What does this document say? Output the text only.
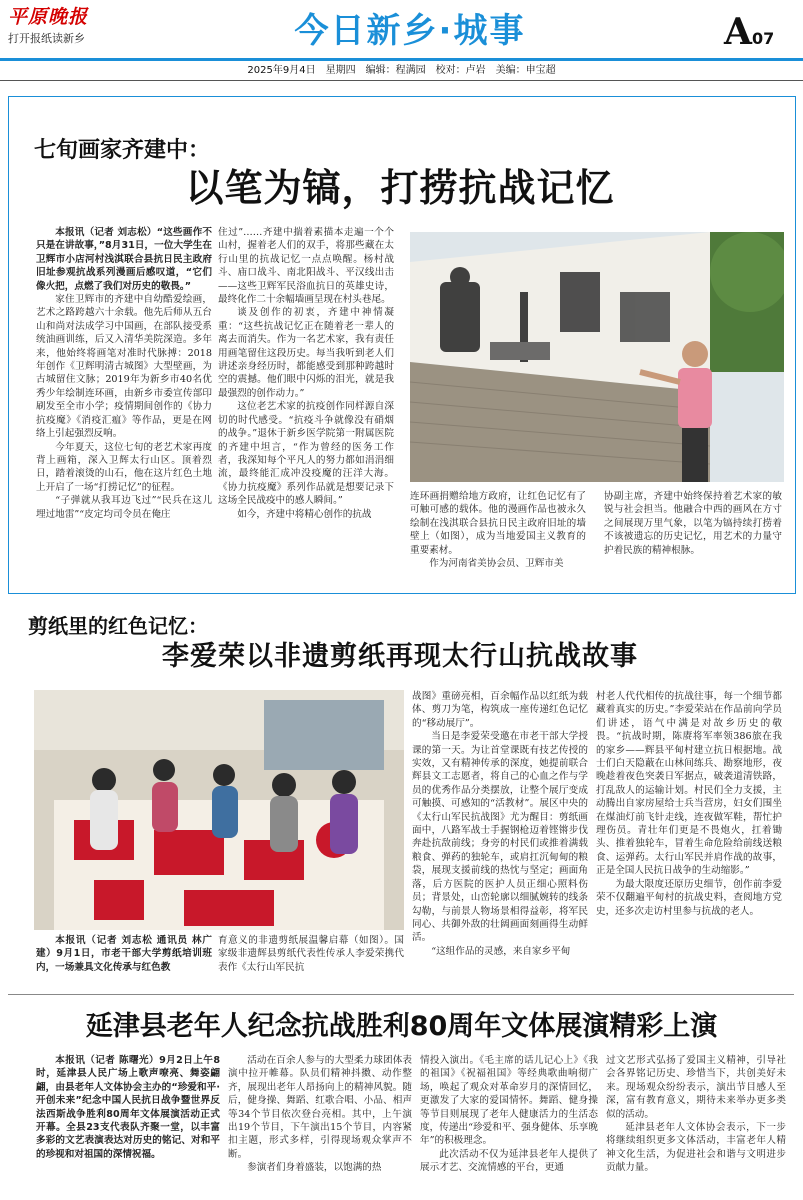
平原晚报
打开报纸读新乡	今日新乡·城事	A07
2025年9月4日　星期四　编辑：程满园　校对：卢岩　美编：申宝超
七旬画家齐建中：
以笔为镐，打捞抗战记忆

本报讯（记者 刘志松）“这些画作不只是在讲故事，”8月31日，一位大学生在卫辉市小店河村浅淇联合县抗日民主政府旧址参观抗战系列漫画后感叹道，“它们像火把，点燃了我们对历史的敬畏。”

家住卫辉市的齐建中自幼酷爱绘画，艺术之路跨越六十余载。他先后师从五台山和尚对法成学习中国画，在部队接受系统油画训练，后又入清华美院深造。多年来，他始终将画笔对准时代脉搏：2018年创作《卫辉明清古城图》大型壁画，为古城留住文脉；2019年为新乡市40名优秀少年绘制连环画，由新乡市委宣传部印刷发至全市小学；疫情期间创作的《协力抗疫魔》《消疫汇瘟》等作品，更是在网络上引起强烈反响。

今年夏天，这位七旬的老艺术家再度背上画箱，深入卫辉太行山区。顶着烈日，踏着滚烫的山石，他在这片红色土地上开启了一场“打捞记忆”的征程。

“子弹就从我耳边飞过”“民兵在这儿埋过地雷”“皮定均司令员在俺庄

住过”……齐建中揣着素描本走遍一个个山村，握着老人们的双手，将那些藏在太行山里的抗战记忆一点点唤醒。杨村战斗、庙口战斗、南北阳战斗、平汉线出击——这些卫辉军民浴血抗日的英雄史诗，最终化作二十余幅墙画呈现在村头巷尾。

谈及创作的初衷，齐建中神情凝重：“这些抗战记忆正在随着老一辈人的离去而消失。作为一名艺术家，我有责任用画笔留住这段历史。每当我听到老人们讲述亲身经历时，都能感受到那种跨越时空的震撼。他们眼中闪烁的泪光，就是我最强烈的创作动力。”

这位老艺术家的抗疫创作同样源自深切的时代感受。“抗疫斗争就像没有硝烟的战争。”退休于新乡医学院第一附属医院的齐建中坦言，“作为曾经的医务工作者，我深知每个平凡人的努力都如涓涓细流，最终能汇成冲没疫魔的汪洋大海。《协力抗疫魔》系列作品就是想要记录下这场全民战疫中的感人瞬间。”

如今，齐建中将精心创作的抗战

连环画捐赠给地方政府，让红色记忆有了可触可感的载体。他的漫画作品也被永久绘制在浅淇联合县抗日民主政府旧址的墙壁上（如图），成为当地爱国主义教育的重要素材。

作为河南省美协会员、卫辉市美

协副主席，齐建中始终保持着艺术家的敏锐与社会担当。他融合中西的画风在方寸之间展现万里气象，以笔为镐持续打捞着不该被遗忘的历史记忆，用艺术的力量守护着民族的精神根脉。

剪纸里的红色记忆：
李爱荣以非遗剪纸再现太行山抗战故事

本报讯（记者 刘志松 通讯员 林广建）9月1日，市老干部大学剪纸培训班内，一场兼具文化传承与红色教

育意义的非遗剪纸展温馨启幕（如图）。国家级非遗辉县剪纸代表性传承人李爱荣携代表作《太行山军民抗

战图》重磅亮相，百余幅作品以红纸为载体、剪刀为笔，构筑成一座传递红色记忆的“移动展厅”。

当日是李爱荣受邀在市老干部大学授课的第一天。为让首堂课既有技艺传授的实效，又有精神传承的深度，她提前联合辉县文工志愿者，将自己的心血之作与学员的优秀作品分类摆放，让整个展厅变成可触摸、可感知的“活教材”。展区中央的《太行山军民抗战图》尤为醒目：剪纸画面中，八路军战士手握钢枪迈着铿锵步伐奔赴抗敌前线；身旁的村民们或推着满载粮食、弹药的独轮车，或肩扛沉甸甸的粮袋，展现支援前线的热忱与坚定；画面角落，后方医院的医护人员正细心照料伤员；背景处，山峦轮廓以细腻婉转的线条勾勒，与前景人物场景相得益彰，将军民同心、共御外敌的壮阔画面刻画得生动鲜活。

“这组作品的灵感，来自家乡平甸

村老人代代相传的抗战往事，每一个细节都藏着真实的历史。”李爱荣站在作品前向学员们讲述，语气中满是对故乡历史的敬畏。“抗战时期，陈赓将军率领386旅在我的家乡——辉县平甸村建立抗日根据地。战士们白天隐蔽在山林间练兵、勘察地形，夜晚趁着夜色突袭日军据点，破袭道清铁路，打乱敌人的运输计划。村民们全力支援，主动腾出自家房屋给士兵当营房，妇女们围坐在煤油灯前飞针走线，连夜做军鞋，帮忙护理伤员。青壮年们更是不畏炮火，扛着锄头、推着独轮车，冒着生命危险给前线送粮食、运弹药。太行山军民并肩作战的故事，正是全国人民抗日战争的生动缩影。”

为最大限度还原历史细节，创作前李爱荣不仅翻遍平甸村的抗战史料，查阅地方党史，还多次走访村里参与抗战的老人。

延津县老年人纪念抗战胜利80周年文体展演精彩上演

本报讯（记者 陈曙光）9月2日上午8时，延津县人民广场上歌声嘹亮、舞姿翩翩，由县老年人文体协会主办的“珍爱和平·开创未来”纪念中国人民抗日战争暨世界反法西斯战争胜利80周年文体展演活动正式开幕。全县23支代表队齐聚一堂，以丰富多彩的文艺表演表达对历史的铭记、对和平的珍视和对祖国的深情祝福。

活动在百余人参与的大型柔力球团体表演中拉开帷幕。队员们精神抖擞、动作整齐，展现出老年人昂扬向上的精神风貌。随后，健身操、舞蹈、红歌合唱、小品、相声等34个节目依次登台亮相。其中，上午演出19个节目，下午演出15个节目，内容紧扣主题，形式多样，引得现场观众掌声不断。

参演者们身着盛装，以饱满的热

情投入演出。《毛主席的话儿记心上》《我的祖国》《祝福祖国》等经典歌曲响彻广场，唤起了观众对革命岁月的深情回忆，更激发了大家的爱国情怀。舞蹈、健身操等节目则展现了老年人健康活力的生活态度，传递出“珍爱和平、强身健体、乐享晚年”的积极理念。

此次活动不仅为延津县老年人提供了展示才艺、交流情感的平台，更通

过文艺形式弘扬了爱国主义精神，引导社会各界铭记历史、珍惜当下，共创美好未来。现场观众纷纷表示，演出节目感人至深，富有教育意义，期待未来举办更多类似的活动。

延津县老年人文体协会表示，下一步将继续组织更多文体活动，丰富老年人精神文化生活，为促进社会和谐与文明进步贡献力量。
